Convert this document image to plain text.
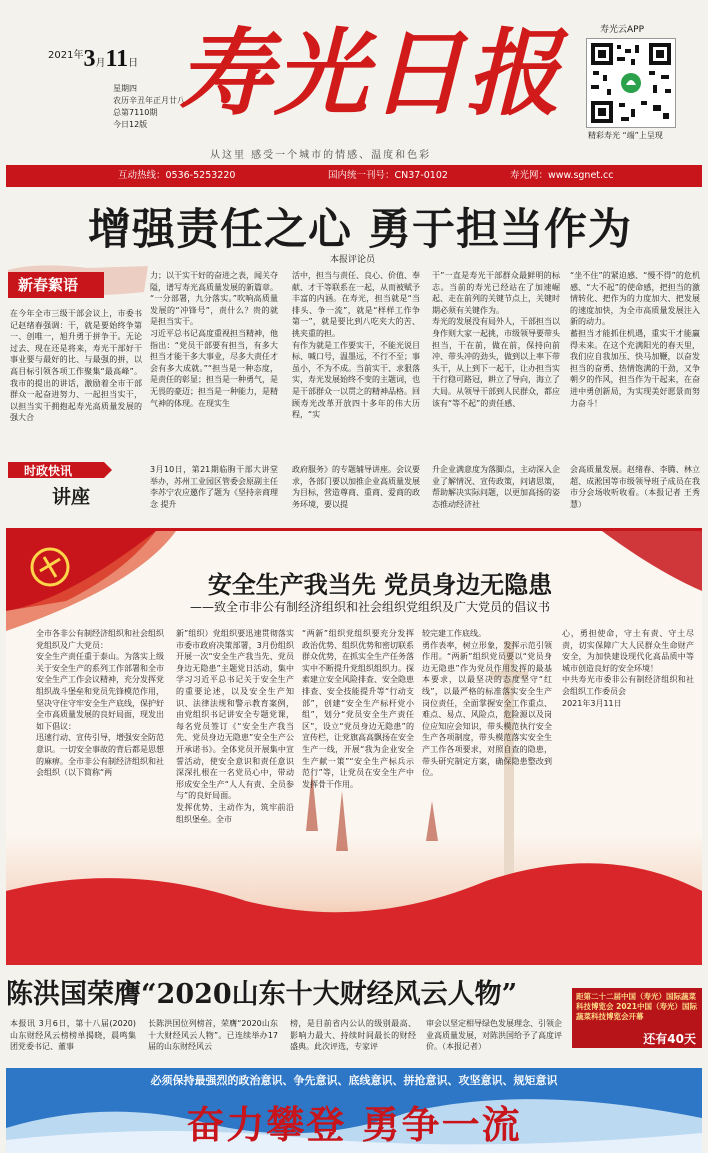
$^{2021年}$3月11日
星期四
农历辛丑年正月廿八
总第7110期
今日12版 寿光日报
从这里 感受一个城市的情感、温度和色彩
寿光云APP
精彩寿光 “端”上呈现
互动热线：0536-5253220	国内统一刊号：CN37-0102	寿光网：www.sgnet.cc
增强责任之心 勇于担当作为
本报评论员
新春絮语
在今年全市三级干部会议上，市委书记赵绪春强调：干，就是要始终争第一、创唯一，旭升勇于拼争干。无论过去、现在还是将来，寿光干部好干事业要与最好的比、与最强的拼，以高目标引领各项工作聚集“最高峰”。我市的提出的讲话，激励着全市干部群众一起奋进努力、一起担当实干，以担当实干拥抱起寿光高质量发展的强大合
力；以干实干好的奋进之表，闻关夺隘，谱写寿光高质量发展的新篇章。
“一分部署，九分落实。”吹响高质量发展的“冲锋号”，责什么？贵的就是担当实干。
习近平总书记高度重视担当精神，他指出：“党员干部要有担当，有多大担当才能干多大事业，尽多大责任才会有多大成就。”“担当是一种态度，是责任的彰显；担当是一种勇气，是无畏的豪迈；担当是一种能力，是精气神的体现。在现实生
活中，担当与责任、良心、价值、奉献、才干等联系在一起，从而被赋予丰富的内涵。在寿光，担当就是“当排头、争一流”，就是“样样工作争第一”，就是要比到八吃夹大的苦、挑夹重的担。
有作为就是工作要实干，不能光说目标、喊口号，温墨远，不行不至；事虽小，不为不成。当前实干、求狠落实，寿光发展始终不变的主题词，也是干部群众一以贯之的精神品格。回顾寿光改革开放四十多年的伟大历程，“实
干”一直是寿光干部群众最鲜明的标志。当前的寿光已经站在了加速崛起、走在前列的关键节点上，关键时期必须有关键作为。
寿光的发展没有局外人，干部担当以身作则大家一起挑，市级领导要带头担当，干在前，做在前，保持向前冲、带头冲的劲头，做到以上率下带头干，从上到下一起干，让办担当实干行稳可路冠，耕立了导向，海立了大局。从领导干部到人民群众，都应该有“等不起”的责任感、
“坐不住”的紧迫感、“慢不得”的危机感、“大不起”的使命感，把担当的激情转化、把作为的力度加大、把发展的速度加快，为全市高质量发展注入新的动力。
蓄担当才能抓住机遇，重实干才能赢得未来。在这个充满阳光的春天里，我们应自我加压、快马加鞭，以奋发担当的奋勇、热情饱满的干劲，又争朝夕的作风，担当作为干起来，在奋进中勇创新局，为实现美好愿景而努力奋斗！
时政快讯
讲座
3月10日，第21期临朐干部大讲堂举办，苏州工业园区管委会原副主任李苏宁农应邀作了题为《坚持亲商理念 提升
政府服务》的专题辅导讲座。会议要求，各部门要以加推企业高质量发展为目标，营造尊商、重商、爱商的政务环境，要以提
升企业满意度为落脚点，主动深入企业了解情况、宣传政策，问诸思策，帮助解决实际问题，以更加高扬的姿态推动经济社
会高质量发展。赵绪春、李腾、林立超、成淞国等市级领导班子成员在我市分会场收听收看。（本报记者 王秀慧）
安全生产我当先 党员身边无隐患
——致全市非公有制经济组织和社会组织党组织及广大党员的倡议书
全市各非公有制经济组织和社会组织党组织及广大党员：
安全生产责任重于泰山。为落实上级关于安全生产的系列工作部署和全市安全生产工作会议精神，充分发挥党组织战斗堡垒和党员先锋模范作用，坚决守住守牢安全生产底线，保护好全市高质量发展的良好局面，现发出如下倡议：
迅速行动、宣传引导，增强安全防范意识。一切安全事故的背后都是思想的麻痹。全市非公有制经济组织和社会组织（以下简称“两
新”组织）党组织要迅速贯彻落实市委市政府决策部署，3月份组织开展一次“安全生产我当先、党员身边无隐患”主题党日活动，集中学习习近平总书记关于安全生产的重要论述，以及安全生产知识、法律法规和警示教育案例，由党组织书记讲安全专题党课，每名党员签订《“安全生产我当先、党员身边无隐患”安全生产公开承诺书》。全体党员开展集中宣誓活动，使安全意识和责任意识深深扎根在一名党员心中，带动形成安全生产“人人有责、全员参与”的良好局面。
发挥优势、主动作为，筑牢前沿组织堡垒。全市
“两新”组织党组织要充分发挥政治优势、组织优势和密切联系群众优势，在抓实全生产任务落实中不断提升党组织组织力。探索建立安全风险排查、安全隐患排查、安全技能提升等“行动支部”，创建“安全生产标杆党小组”，划分“党员安全生产责任区”，设立“党员身边无隐患”的宣传栏，让党旗高高飘扬在安全生产一线，开展“我为企业安全生产献一策”“安全生产标兵示范行”等，让党员在安全生产中发挥骨干作用。
较完建工作底线。
勇作表率，树立形象，发挥示范引领作用。“两新”组织党员要以“党员身边无隐患”作为党员作用发挥的最基本要求，以最坚决的态度坚守“红线”，以最严格的标准落实安全生产岗位责任，全面掌握安全工作重点、难点、易点、风险点，危险源以及岗位应知应会知识，带头模范执行安全生产各项制度，带头模范落实安全生产工作各项要求，对照自查的隐患，带头研究制定方案，确保隐患整改到位。
心，勇担使命，守土有责、守土尽责，切实保障广大人民群众生命财产安全，为加快建设现代化高品质中等城市创造良好的安全环境！
中共寿光市委非公有制经济组织和社会组织工作委员会
2021年3月11日
陈洪国荣膺“2020山东十大财经风云人物”
本报讯 3月6日，第十八届(2020)山东财经风云榜榜单揭晓，晨鸣集团党委书记、董事
长陈洪国位列榜首，荣膺“2020山东十大财经风云人物”。已连续举办17届的山东财经风云
榜，是目前省内公认的级别最高、影响力最大、持续时间最长的财经盛典。此次评选，专家评
审会以坚定相导绿色发展理念、引领企业高质量发展，对陈洪国给予了高度评价。（本报记者）
距第二十二届中国（寿光）国际蔬菜科技博览会 2021中国（寿光）国际蔬菜科技博览会开幕
还有40天
必须保持最强烈的政治意识、争先意识、底线意识、拼抢意识、攻坚意识、规矩意识
奋力攀登 勇争一流
